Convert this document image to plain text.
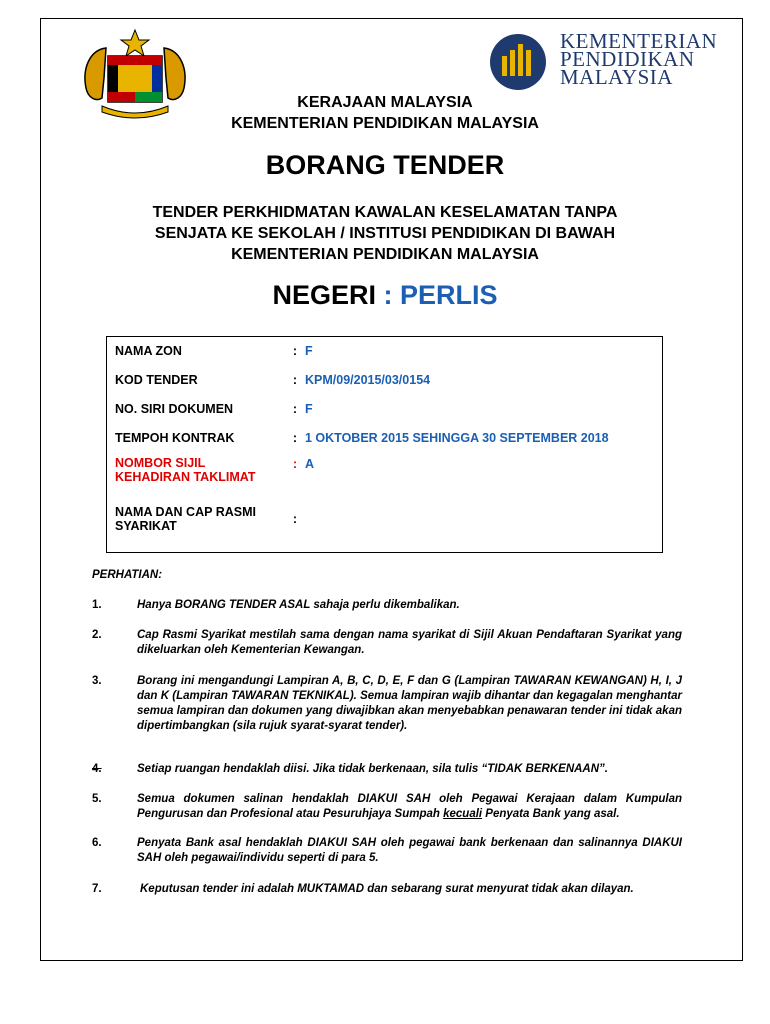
KEMENTERIAN
PENDIDIKAN
MALAYSIA
KERAJAAN MALAYSIA
KEMENTERIAN PENDIDIKAN MALAYSIA
BORANG TENDER
TENDER PERKHIDMATAN KAWALAN KESELAMATAN TANPA
SENJATA KE SEKOLAH / INSTITUSI PENDIDIKAN DI BAWAH
KEMENTERIAN PENDIDIKAN MALAYSIA
NEGERI : PERLIS
NAMA ZON	:	F
KOD TENDER	:	KPM/09/2015/03/0154
NO. SIRI DOKUMEN	:	F
TEMPOH KONTRAK	:	1 OKTOBER 2015 SEHINGGA 30 SEPTEMBER 2018

NOMBOR SIJIL
KEHADIRAN TAKLIMAT	:	A

NAMA DAN CAP RASMI
SYARIKAT	:	
PERHATIAN:
1.	Hanya BORANG TENDER ASAL sahaja perlu dikembalikan.
2.	Cap Rasmi Syarikat mestilah sama dengan nama syarikat di Sijil Akuan Pendaftaran Syarikat yang dikeluarkan oleh Kementerian Kewangan.
3.	Borang ini mengandungi Lampiran A, B, C, D, E, F dan G (Lampiran TAWARAN KEWANGAN) H, I, J dan K (Lampiran TAWARAN TEKNIKAL). Semua lampiran wajib dihantar dan kegagalan menghantar semua lampiran dan dokumen yang diwajibkan akan menyebabkan penawaran tender ini tidak akan dipertimbangkan (sila rujuk syarat-syarat tender).
4.	Setiap ruangan hendaklah diisi. Jika tidak berkenaan, sila tulis “TIDAK BERKENAAN”.
5.	Semua dokumen salinan hendaklah DIAKUI SAH oleh Pegawai Kerajaan dalam Kumpulan Pengurusan dan Profesional atau Pesuruhjaya Sumpah kecuali Penyata Bank yang asal.
6.	Penyata Bank asal hendaklah DIAKUI SAH oleh pegawai bank berkenaan dan salinannya DIAKUI SAH oleh pegawai/individu seperti di para 5.
7.	Keputusan tender ini adalah MUKTAMAD dan sebarang surat menyurat tidak akan dilayan.
